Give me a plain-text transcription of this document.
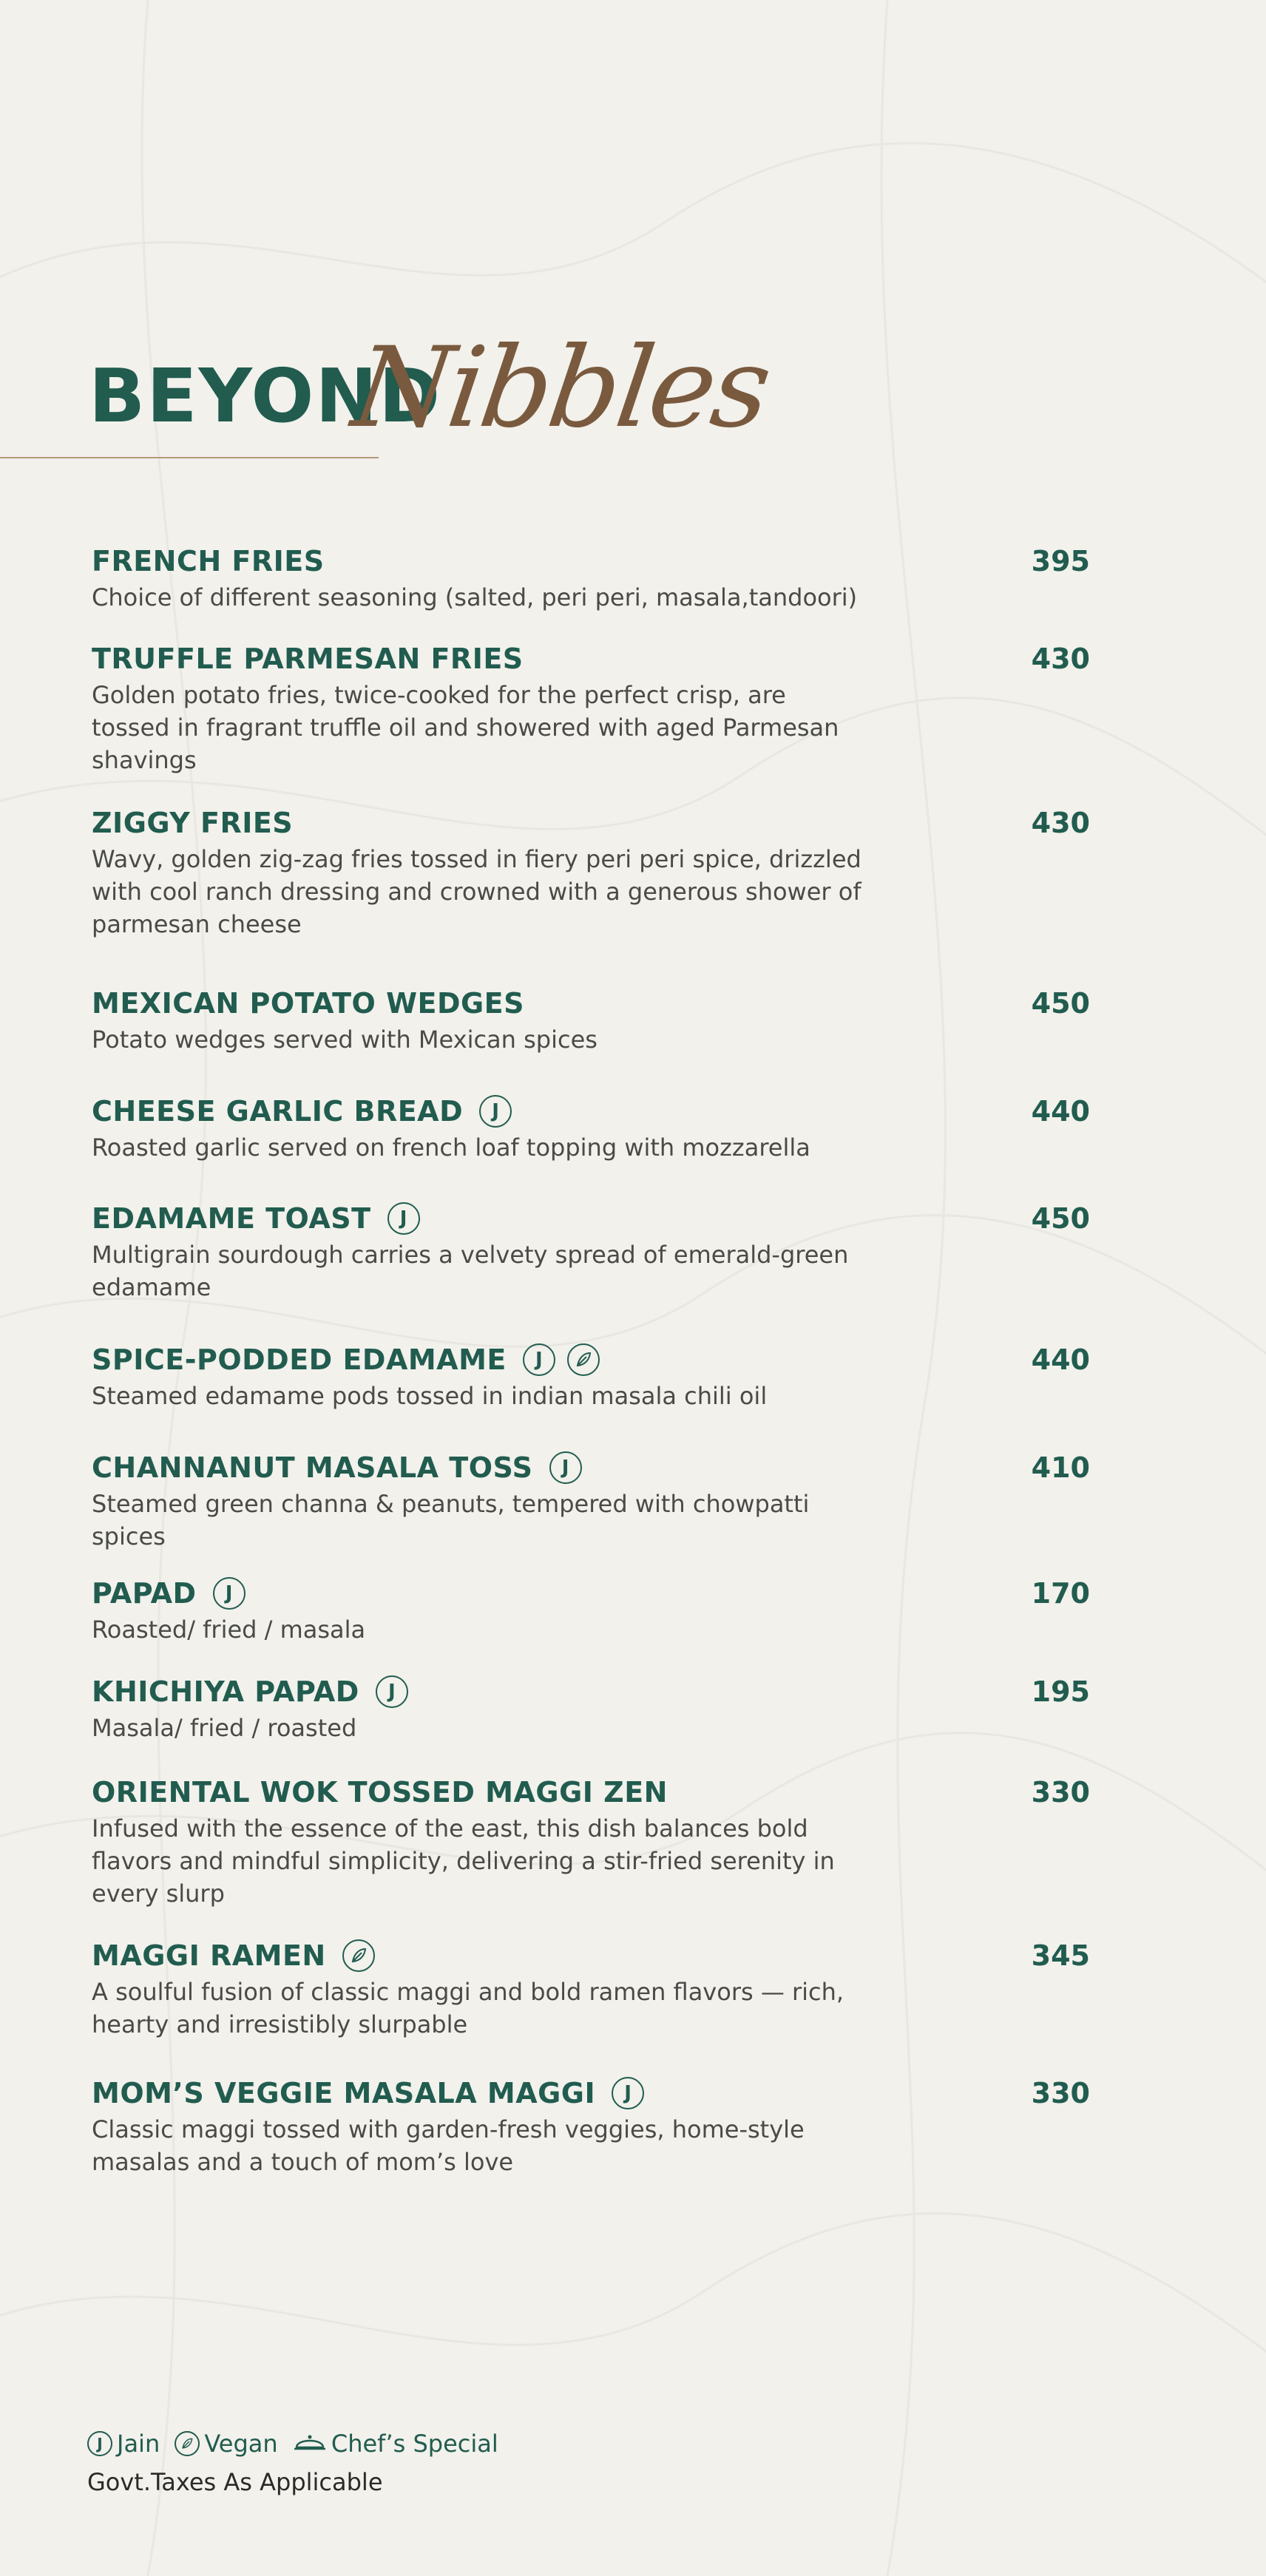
BEYOND
Nibbles
FRENCH FRIES	395
Choice of different seasoning (salted, peri peri, masala,tandoori)
TRUFFLE PARMESAN FRIES	430
Golden potato fries, twice-cooked for the perfect crisp, are tossed in fragrant truffle oil and showered with aged Parmesan shavings
ZIGGY FRIES	430
Wavy, golden zig-zag fries tossed in fiery peri peri spice, drizzled with cool ranch dressing and crowned with a generous shower of parmesan cheese
MEXICAN POTATO WEDGES	450
Potato wedges served with Mexican spices
CHEESE GARLIC BREAD J	440
Roasted garlic served on french loaf topping with mozzarella
EDAMAME TOAST J	450
Multigrain sourdough carries a velvety spread of emerald-green edamame
SPICE-PODDED EDAMAME J	440
Steamed edamame pods tossed in indian masala chili oil
CHANNANUT MASALA TOSS J	410
Steamed green channa & peanuts, tempered with chowpatti spices
PAPAD J	170
Roasted/ fried / masala
KHICHIYA PAPAD J	195
Masala/ fried / roasted
ORIENTAL WOK TOSSED MAGGI ZEN	330
Infused with the essence of the east, this dish balances bold flavors and mindful simplicity, delivering a stir-fried serenity in every slurp
MAGGI RAMEN	345
A soulful fusion of classic maggi and bold ramen flavors — rich, hearty and irresistibly slurpable
MOM’S VEGGIE MASALA MAGGI J	330
Classic maggi tossed with garden-fresh veggies, home-style masalas and a touch of mom’s love
J Jain Vegan Chef’s Special
Govt.Taxes As Applicable
